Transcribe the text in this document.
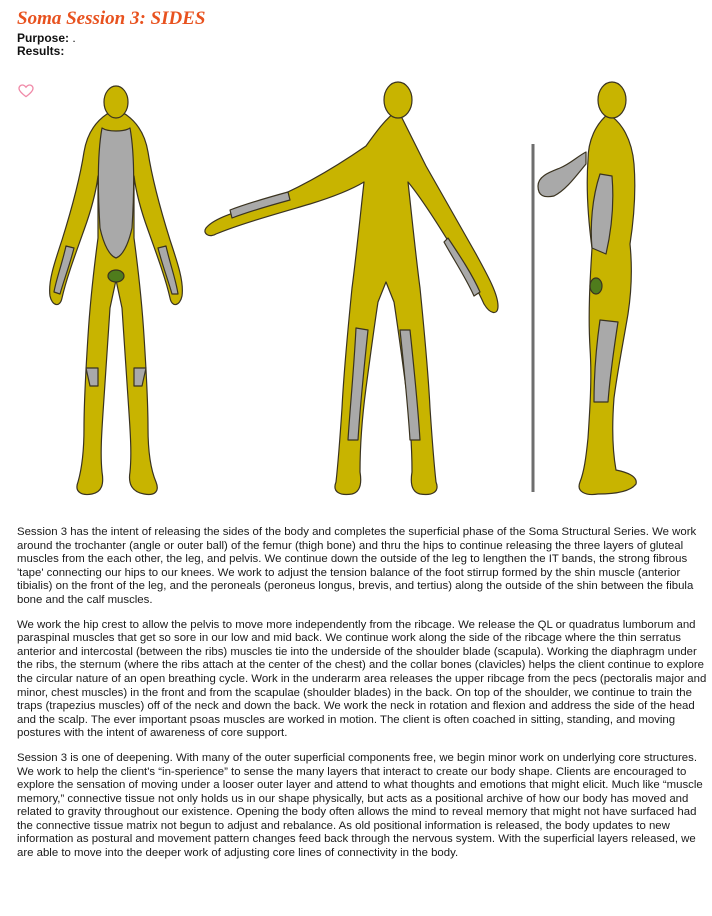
Soma Session 3: SIDES
Purpose: .
Results:

Session 3 has the intent of releasing the sides of the body and completes the superficial phase of the Soma Structural Series. We work around the trochanter (angle or outer ball) of the femur (thigh bone) and thru the hips to continue releasing the three layers of gluteal muscles from the each other, the leg, and pelvis. We continue down the outside of the leg to lengthen the IT bands, the strong fibrous 'tape' connecting our hips to our knees. We work to adjust the tension balance of the foot stirrup formed by the shin muscle (anterior tibialis) on the front of the leg, and the peroneals (peroneus longus, brevis, and tertius) along the outside of the shin between the fibula bone and the calf muscles.

We work the hip crest to allow the pelvis to move more independently from the ribcage. We release the QL or quadratus lumborum and paraspinal muscles that get so sore in our low and mid back. We continue work along the side of the ribcage where the thin serratus anterior and intercostal (between the ribs) muscles tie into the underside of the shoulder blade (scapula). Working the diaphragm under the ribs, the sternum (where the ribs attach at the center of the chest) and the collar bones (clavicles) helps the client continue to explore the circular nature of an open breathing cycle. Work in the underarm area releases the upper ribcage from the pecs (pectoralis major and minor, chest muscles) in the front and from the scapulae (shoulder blades) in the back. On top of the shoulder, we continue to train the traps (trapezius muscles) off of the neck and down the back. We work the neck in rotation and flexion and address the side of the head and the scalp. The ever important psoas muscles are worked in motion. The client is often coached in sitting, standing, and moving postures with the intent of awareness of core support.

Session 3 is one of deepening. With many of the outer superficial components free, we begin minor work on underlying core structures. We work to help the client's “in-sperience” to sense the many layers that interact to create our body shape. Clients are encouraged to explore the sensation of moving under a looser outer layer and attend to what thoughts and emotions that might elicit. Much like “muscle memory,” connective tissue not only holds us in our shape physically, but acts as a positional archive of how our body has moved and related to gravity throughout our existence. Opening the body often allows the mind to reveal memory that might not have surfaced had the connective tissue matrix not begun to adjust and rebalance. As old positional information is released, the body updates to new information as postural and movement pattern changes feed back through the nervous system. With the superficial layers released, we are able to move into the deeper work of adjusting core lines of connectivity in the body.
